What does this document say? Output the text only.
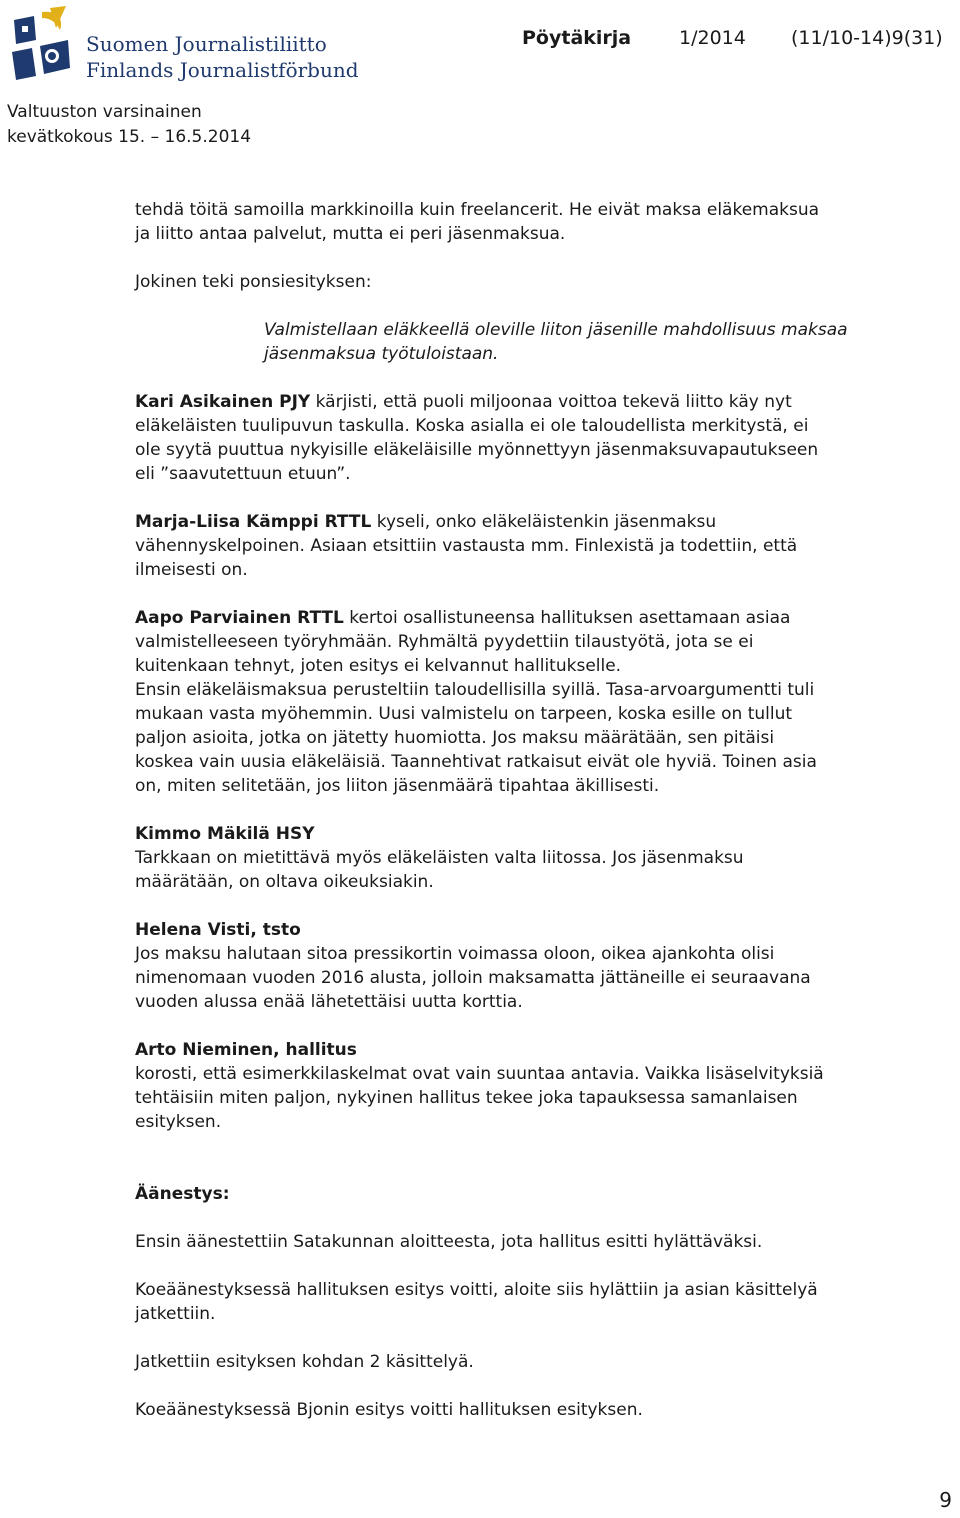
Suomen Journalistiliitto
Finlands Journalistförbund
Pöytäkirja	1/2014 (11/10-14)9(31)
Valtuuston varsinainen
kevätkokous 15. – 16.5.2014

tehdä töitä samoilla markkinoilla kuin freelancerit. He eivät maksa eläkemaksua

ja liitto antaa palvelut, mutta ei peri jäsenmaksua.

Jokinen teki ponsiesityksen:

Valmistellaan eläkkeellä oleville liiton jäsenille mahdollisuus maksaa

jäsenmaksua työtuloistaan.

Kari Asikainen PJY kärjisti, että puoli miljoonaa voittoa tekevä liitto käy nyt

eläkeläisten tuulipuvun taskulla. Koska asialla ei ole taloudellista merkitystä, ei

ole syytä puuttua nykyisille eläkeläisille myönnettyyn jäsenmaksuvapautukseen

eli ”saavutettuun etuun”.

Marja-Liisa Kämppi RTTL kyseli, onko eläkeläistenkin jäsenmaksu

vähennyskelpoinen. Asiaan etsittiin vastausta mm. Finlexistä ja todettiin, että

ilmeisesti on.

Aapo Parviainen RTTL kertoi osallistuneensa hallituksen asettamaan asiaa

valmistelleeseen työryhmään. Ryhmältä pyydettiin tilaustyötä, jota se ei

kuitenkaan tehnyt, joten esitys ei kelvannut hallitukselle.

Ensin eläkeläismaksua perusteltiin taloudellisilla syillä. Tasa-arvoargumentti tuli

mukaan vasta myöhemmin. Uusi valmistelu on tarpeen, koska esille on tullut

paljon asioita, jotka on jätetty huomiotta. Jos maksu määrätään, sen pitäisi

koskea vain uusia eläkeläisiä. Taannehtivat ratkaisut eivät ole hyviä. Toinen asia

on, miten selitetään, jos liiton jäsenmäärä tipahtaa äkillisesti.

Kimmo Mäkilä HSY

Tarkkaan on mietittävä myös eläkeläisten valta liitossa. Jos jäsenmaksu

määrätään, on oltava oikeuksiakin.

Helena Visti, tsto

Jos maksu halutaan sitoa pressikortin voimassa oloon, oikea ajankohta olisi

nimenomaan vuoden 2016 alusta, jolloin maksamatta jättäneille ei seuraavana

vuoden alussa enää lähetettäisi uutta korttia.

Arto Nieminen, hallitus

korosti, että esimerkkilaskelmat ovat vain suuntaa antavia. Vaikka lisäselvityksiä

tehtäisiin miten paljon, nykyinen hallitus tekee joka tapauksessa samanlaisen

esityksen.

Äänestys:

Ensin äänestettiin Satakunnan aloitteesta, jota hallitus esitti hylättäväksi.

Koeäänestyksessä hallituksen esitys voitti, aloite siis hylättiin ja asian käsittelyä

jatkettiin.

Jatkettiin esityksen kohdan 2 käsittelyä.

Koeäänestyksessä Bjonin esitys voitti hallituksen esityksen.

9
